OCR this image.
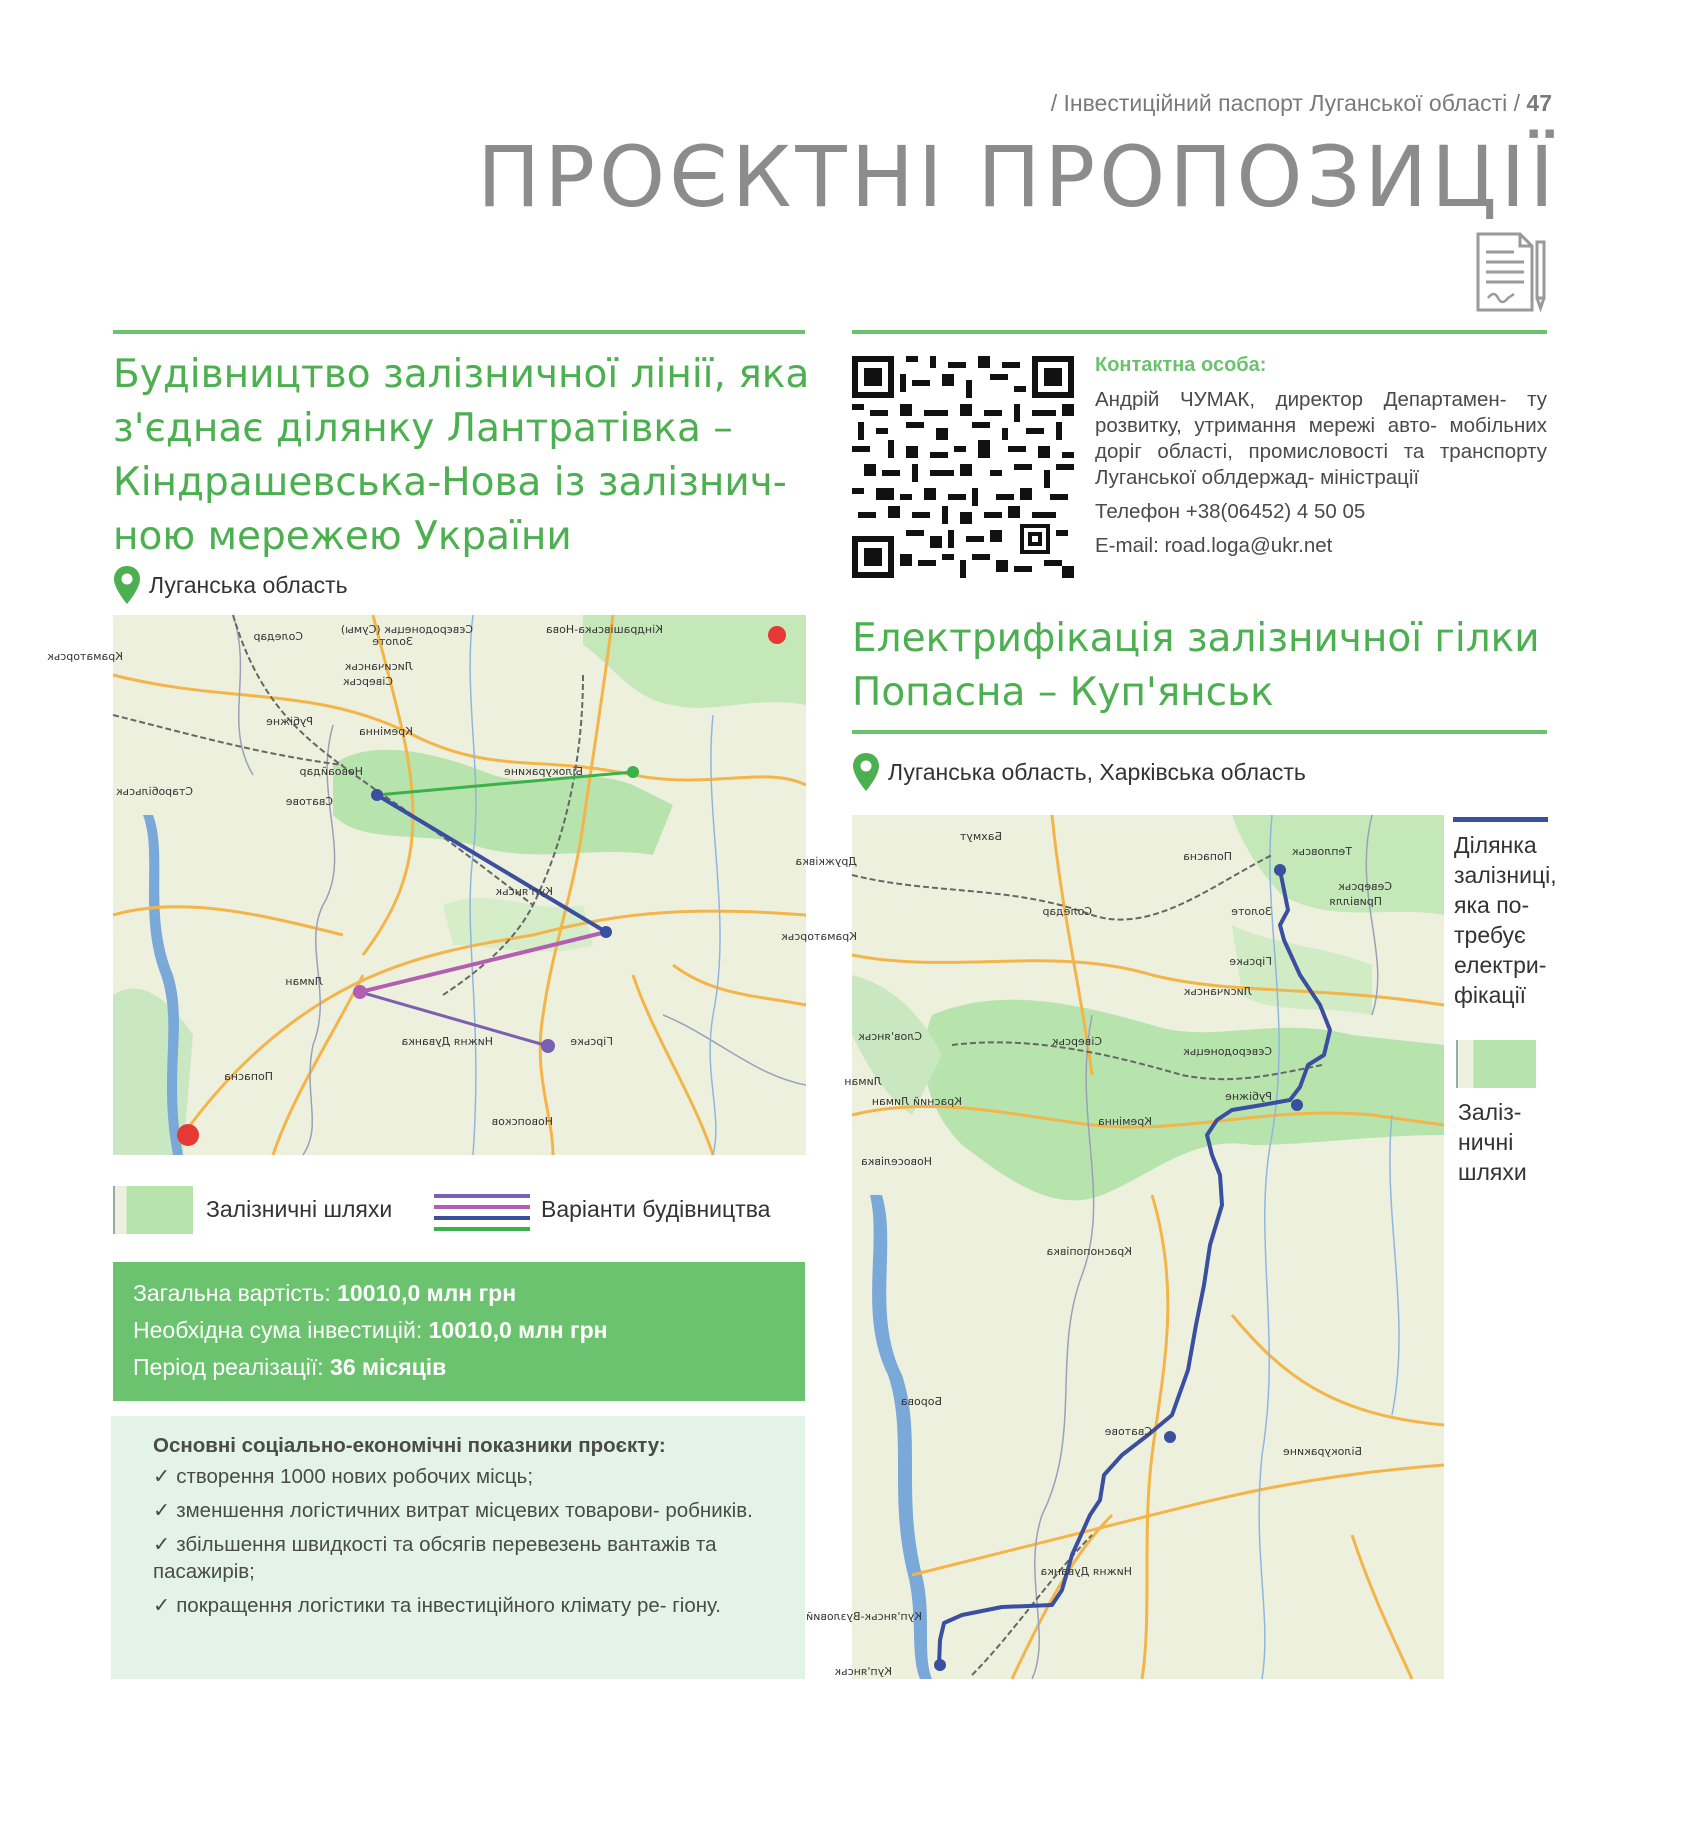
/ Інвестиційний паспорт Луганської області / 47
ПРОЄКТНІ ПРОПОЗИЦІЇ
Будівництво залізничної лінії, яка
з'єднає ділянку Лантратівка –
Кіндрашевська-Нова із залізнич-
ною мережею України
Луганська область
Краматорськ
Соледар	Золоте
Сєвєродонецьк (Сумы)	Кіндрашівська-Нова
Лисичанськ
Сіверськ
Рубіжне
Кремінна
Новоайдар
Старобільськ
Сватове
Білокуракине
Куп'янськ
Лиман
Нижня Дуванка
Попасна
Гірське
Новопсков
Залізничні шляхи	Варіанти будівництва
Загальна вартість: 10010,0 млн грн
Необхідна сума інвестицій: 10010,0 млн грн
Період реалізації: 36 місяців
Основні соціально-економічні показники проєкту:
✓ створення 1000 нових робочих місць;
✓ зменшення логістичних витрат місцевих товарови- робників.
✓ збільшення швидкості та обсягів перевезень вантажів та пасажирів;
✓ покращення логістики та інвестиційного клімату ре- гіону.
Контактна особа:
Андрій ЧУМАК, директор Департамен- ту розвитку, утримання мережі авто- мобільних доріг області, промисловості та транспорту Луганської облдержад- міністрації
Телефон +38(06452) 4 50 05
E-mail: road.loga@ukr.net
Електрифікація залізничної гілки
Попасна – Куп'янськ
Луганська область, Харківська область
Дружківка
Краматорськ
Бахмут
Соледар
Попасна
Золоте
Гірське
Лисичанськ
Сєвєродонецьк
Привілля
Рубіжне
Слов'янськ
Лиман
Сіверськ
Красний Лиман
Кремінна
Новоселівка
Краснопопівка
Сватове
Борова
Нижня Дуванка
Куп'янськ
Куп'янськ-Вузловий
Білокуракине
Тепловськ
Северськ
Ділянка залізниці, яка по- требує електри- фікації
Заліз- ничні шляхи
